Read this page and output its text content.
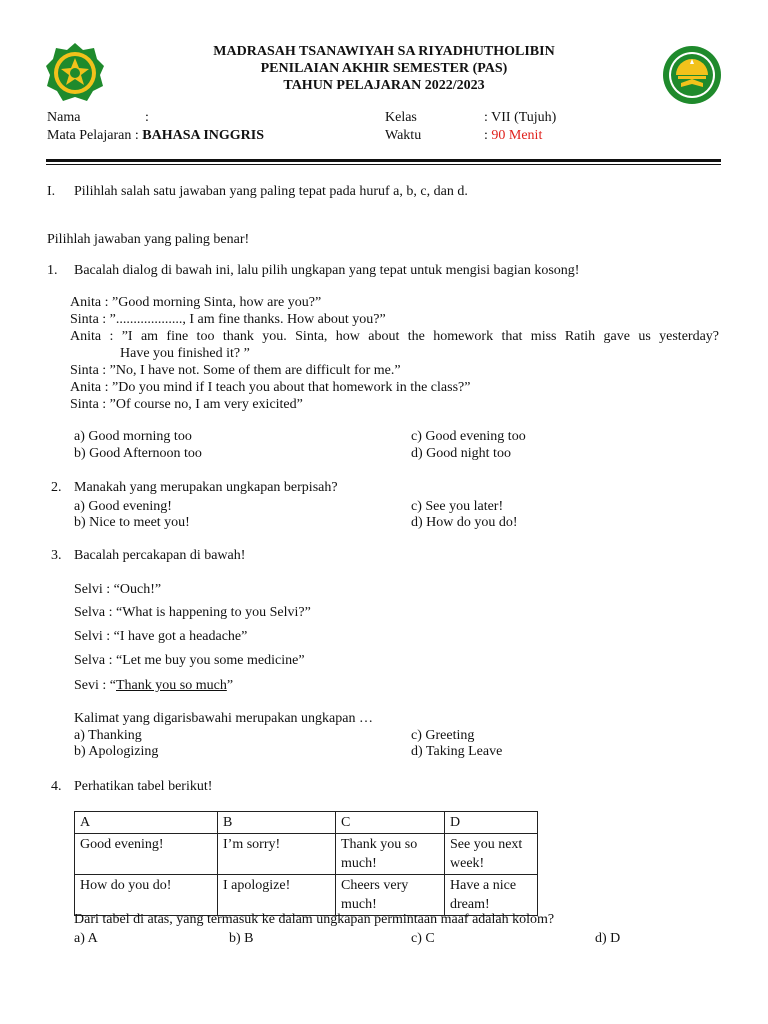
MADRASAH TSANAWIYAH SA RIYADHUTHOLIBIN
PENILAIAN AKHIR SEMESTER (PAS)
TAHUN PELAJARAN 2022/2023
Nama	:
Mata Pelajaran : BAHASA INGGRIS
Kelas	: VII (Tujuh)
Waktu	: 90 Menit
I. Pilihlah salah satu jawaban yang paling tepat pada huruf a, b, c, dan d.
Pilihlah jawaban yang paling benar!
1. Bacalah dialog di bawah ini, lalu pilih ungkapan yang tepat untuk mengisi bagian kosong!
Anita : ”Good morning Sinta, how are you?”
Sinta : ”..................., I am fine thanks. How about you?”
Anita : ”I am fine too thank you. Sinta, how about the homework that miss Ratih gave us yesterday?
Have you finished it? ”
Sinta : ”No, I have not. Some of them are difficult for me.”
Anita : ”Do you mind if I teach you about that homework in the class?”
Sinta : ”Of course no, I am very exicited”
a) Good morning too
b) Good Afternoon too
c) Good evening too
d) Good night too
2. Manakah yang merupakan ungkapan berpisah?
a) Good evening!
b) Nice to meet you!
c) See you later!
d) How do you do!
3. Bacalah percakapan di bawah!
Selvi : “Ouch!”
Selva : “What is happening to you Selvi?”
Selvi : “I have got a headache”
Selva : “Let me buy you some medicine”
Sevi : “Thank you so much”
Kalimat yang digarisbawahi merupakan ungkapan …
a) Thanking
b) Apologizing
c) Greeting
d) Taking Leave
4. Perhatikan tabel berikut!
A	B	C	D
Good evening!	I’m sorry!	Thank you so much!	See you next week!
How do you do!	I apologize!	Cheers very much!	Have a nice dream!
Dari tabel di atas, yang termasuk ke dalam ungkapan permintaan maaf adalah kolom?
a) A	b) B	c) C	d) D
